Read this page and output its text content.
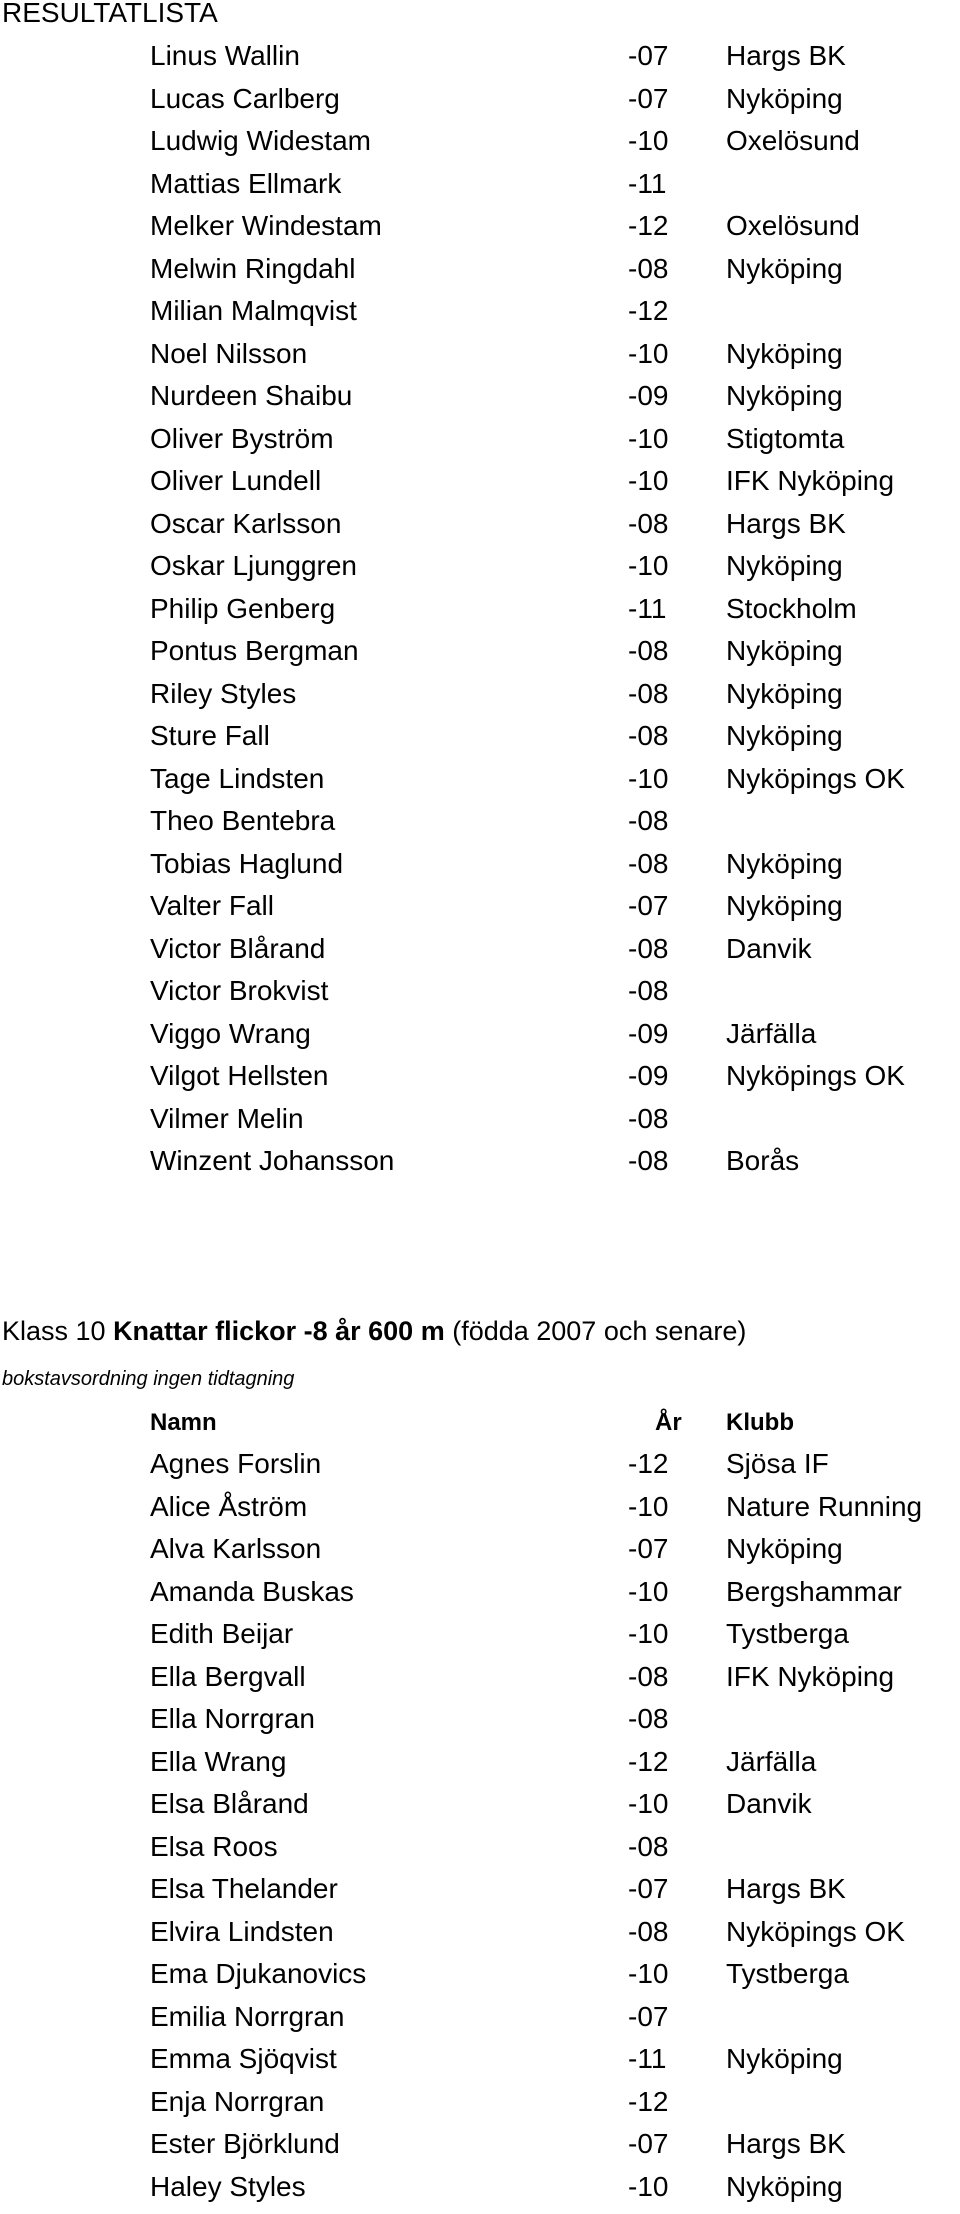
RESULTATLISTA
Linus Wallin	-07 Hargs BK
Lucas Carlberg	-07 Nyköping
Ludwig Widestam	-10 Oxelösund
Mattias Ellmark	-11
Melker Windestam	-12 Oxelösund
Melwin Ringdahl	-08 Nyköping
Milian Malmqvist	-12
Noel Nilsson	-10 Nyköping
Nurdeen Shaibu	-09 Nyköping
Oliver Byström	-10 Stigtomta
Oliver Lundell	-10 IFK Nyköping
Oscar Karlsson	-08 Hargs BK
Oskar Ljunggren	-10 Nyköping
Philip Genberg	-11 Stockholm
Pontus Bergman	-08 Nyköping
Riley Styles	-08 Nyköping
Sture Fall	-08 Nyköping
Tage Lindsten	-10 Nyköpings OK
Theo Bentebra	-08
Tobias Haglund	-08 Nyköping
Valter Fall	-07 Nyköping
Victor Blårand	-08 Danvik
Victor Brokvist	-08
Viggo Wrang	-09 Järfälla
Vilgot Hellsten	-09 Nyköpings OK
Vilmer Melin	-08
Winzent Johansson	-08 Borås
Klass 10 Knattar flickor -8 år 600 m (födda 2007 och senare)
bokstavsordning ingen tidtagning
Namn	År Klubb
Agnes Forslin	-12 Sjösa IF
Alice Åström	-10 Nature Running
Alva Karlsson	-07 Nyköping
Amanda Buskas	-10 Bergshammar
Edith Beijar	-10 Tystberga
Ella Bergvall	-08 IFK Nyköping
Ella Norrgran	-08
Ella Wrang	-12 Järfälla
Elsa Blårand	-10 Danvik
Elsa Roos	-08
Elsa Thelander	-07 Hargs BK
Elvira Lindsten	-08 Nyköpings OK
Ema Djukanovics	-10 Tystberga
Emilia Norrgran	-07
Emma Sjöqvist	-11 Nyköping
Enja Norrgran	-12
Ester Björklund	-07 Hargs BK
Haley Styles	-10 Nyköping
